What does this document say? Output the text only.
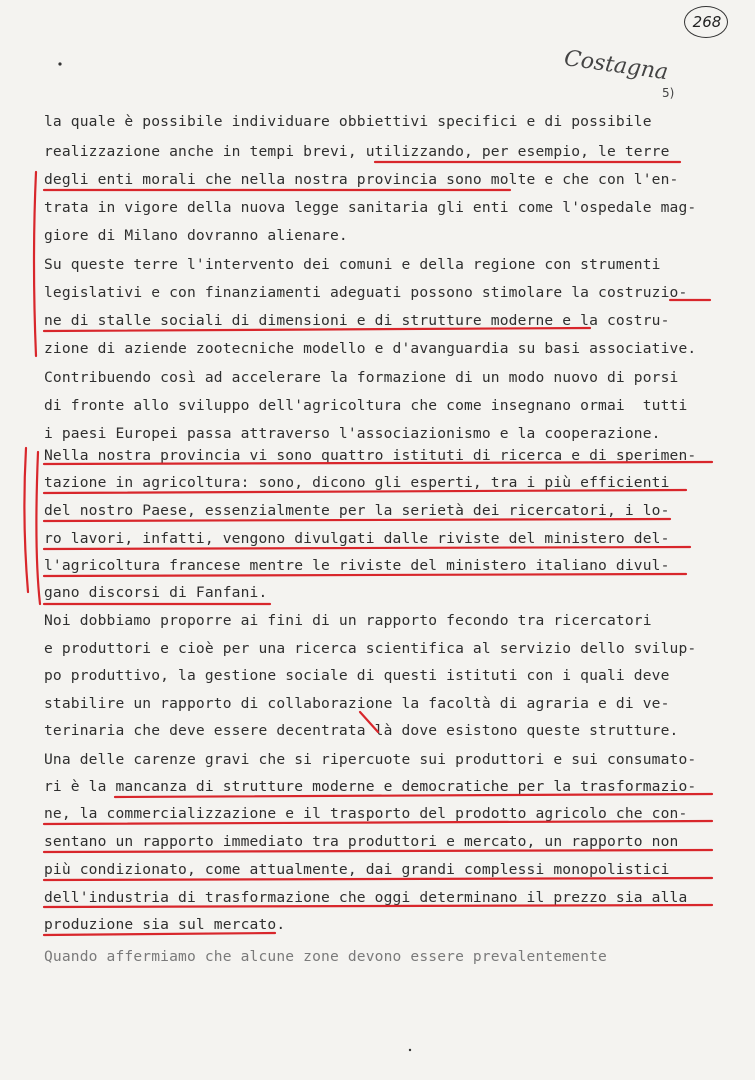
268
Costagna
5)
la quale è possibile individuare obbiettivi specifici e di possibile
realizzazione anche in tempi brevi, utilizzando, per esempio, le terre
degli enti morali che nella nostra provincia sono molte e che con l'en-
trata in vigore della nuova legge sanitaria gli enti come l'ospedale mag-
giore di Milano dovranno alienare.
Su queste terre l'intervento dei comuni e della regione con strumenti
legislativi e con finanziamenti adeguati possono stimolare la costruzio-
ne di stalle sociali di dimensioni e di strutture moderne e la costru-
zione di aziende zootecniche modello e d'avanguardia su basi associative.
Contribuendo così ad accelerare la formazione di un modo nuovo di porsi
di fronte allo sviluppo dell'agricoltura che come insegnano ormai  tutti
i paesi Europei passa attraverso l'associazionismo e la cooperazione.
Nella nostra provincia vi sono quattro istituti di ricerca e di sperimen-
tazione in agricoltura: sono, dicono gli esperti, tra i più efficienti
del nostro Paese, essenzialmente per la serietà dei ricercatori, i lo-
ro lavori, infatti, vengono divulgati dalle riviste del ministero del-
l'agricoltura francese mentre le riviste del ministero italiano divul-
gano discorsi di Fanfani.
Noi dobbiamo proporre ai fini di un rapporto fecondo tra ricercatori
e produttori e cioè per una ricerca scientifica al servizio dello svilup-
po produttivo, la gestione sociale di questi istituti con i quali deve
stabilire un rapporto di collaborazione la facoltà di agraria e di ve-
terinaria che deve essere decentrata là dove esistono queste strutture.
Una delle carenze gravi che si ripercuote sui produttori e sui consumato-
ri è la mancanza di strutture moderne e democratiche per la trasformazio-
ne, la commercializzazione e il trasporto del prodotto agricolo che con-
sentano un rapporto immediato tra produttori e mercato, un rapporto non
più condizionato, come attualmente, dai grandi complessi monopolistici
dell'industria di trasformazione che oggi determinano il prezzo sia alla
produzione sia sul mercato.
Quando affermiamo che alcune zone devono essere prevalentemente
